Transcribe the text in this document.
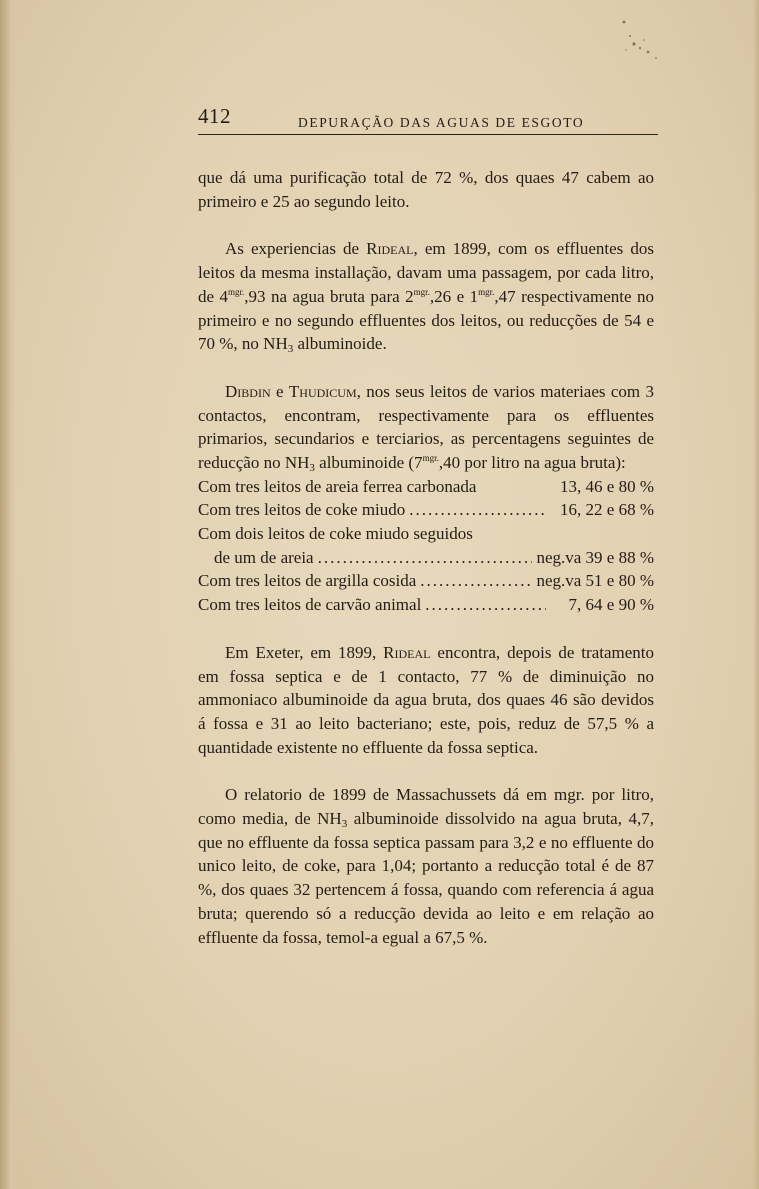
412	DEPURAÇÃO DAS AGUAS DE ESGOTO

que dá uma purificação total de 72 %, dos quaes 47 cabem ao primeiro e 25 ao segundo leito.

As experiencias de Rideal, em 1899, com os effluentes dos leitos da mesma installação, davam uma passagem, por cada litro, de $4^{mgr.},93$ na agua bruta para $2^{mgr.},26$ e $1^{mgr.},47$ respectivamente no primeiro e no segundo effluentes dos leitos, ou reducções de 54 e 70 %, no $NH_3$ albuminoide.

Dibdin e Thudicum, nos seus leitos de varios materiaes com 3 contactos, encontram, respectivamente para os effluentes primarios, secundarios e terciarios, as percentagens seguintes de reducção no $NH_3$ albuminoide ($7^{mgr.},40$ por litro na agua bruta):

Com tres leitos de areia ferrea carbonada	13, 46 e 80 %
Com tres leitos de coke miudo .....	16, 22 e 68 %
Com dois leitos de coke miudo seguidos
de um de areia .....	neg.va 39 e 88 %
Com tres leitos de argilla cosida .....	neg.va 51 e 80 %
Com tres leitos de carvão animal .....	7, 64 e 90 %

Em Exeter, em 1899, Rideal encontra, depois de tratamento em fossa septica e de 1 contacto, 77 % de diminuição no ammoniaco albuminoide da agua bruta, dos quaes 46 são devidos á fossa e 31 ao leito bacteriano; este, pois, reduz de 57,5 % a quantidade existente no effluente da fossa septica.

O relatorio de 1899 de Massachussets dá em mgr. por litro, como media, de $NH_3$ albuminoide dissolvido na agua bruta, 4,7, que no effluente da fossa septica passam para 3,2 e no effluente do unico leito, de coke, para 1,04; portanto a reducção total é de 87 %, dos quaes 32 pertencem á fossa, quando com referencia á agua bruta; querendo só a reducção devida ao leito e em relação ao effluente da fossa, temol-a egual a 67,5 %.
